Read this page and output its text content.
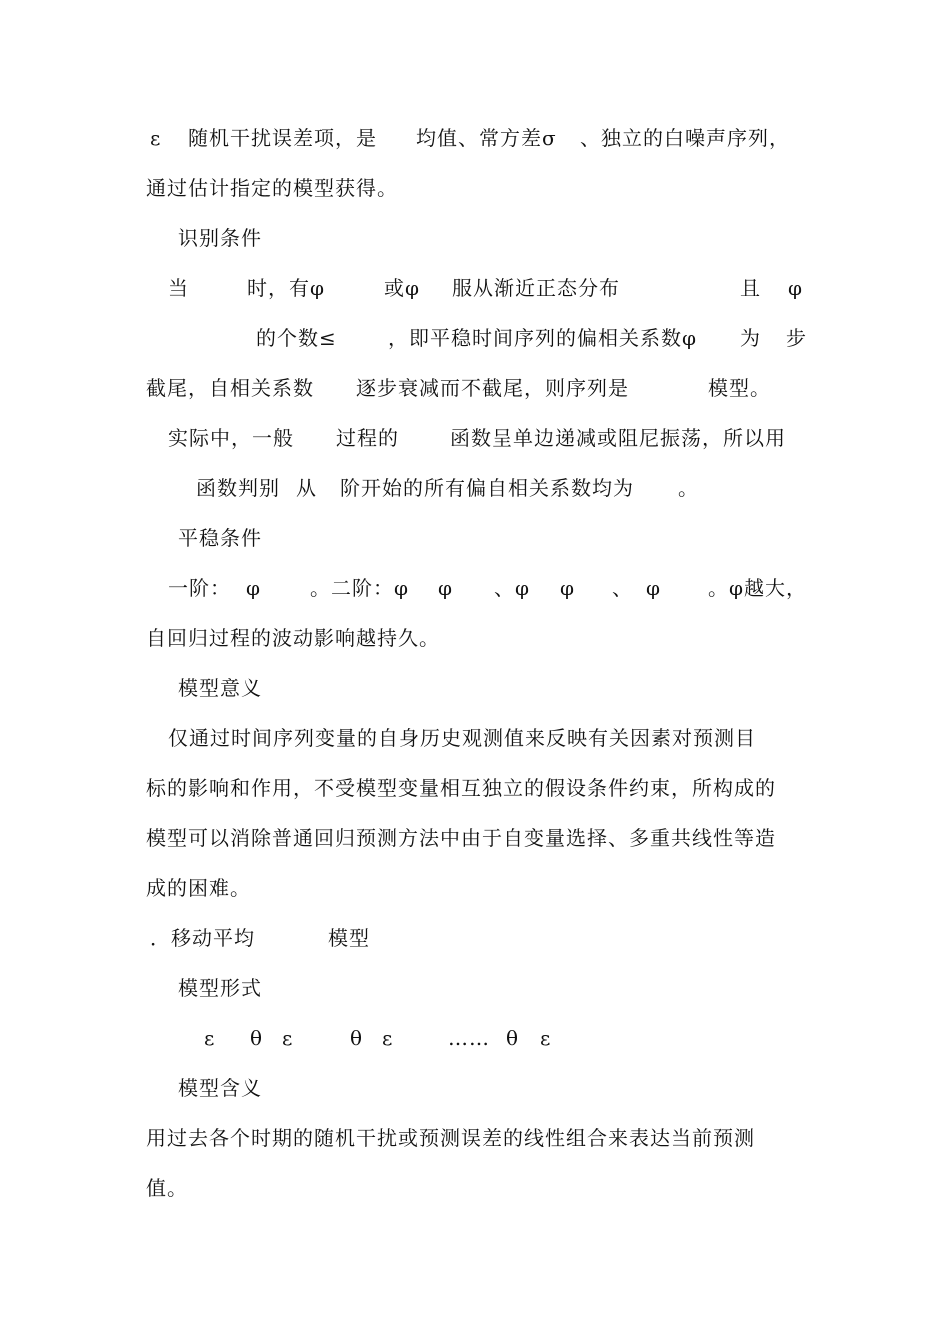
ε 随机干扰误差项，是 均值、常方差σ 、独立的白噪声序列，
通过估计指定的模型获得。
识别条件
当	时，有φ	或φ 服从渐近正态分布	且 φ
的个数≤	，即平稳时间序列的偏相关系数φ 为 步
截尾，自相关系数 逐步衰减而不截尾，则序列是	模型。
实际中，一般 过程的	函数呈单边递减或阻尼振荡，所以用
函数判别 从 阶开始的所有偏自相关系数均为 。
平稳条件
一阶： φ 。二阶：φ φ 、φ φ 、 φ 。φ越大，
自回归过程的波动影响越持久。
模型意义
仅通过时间序列变量的自身历史观测值来反映有关因素对预测目
标的影响和作用，不受模型变量相互独立的假设条件约束，所构成的
模型可以消除普通回归预测方法中由于自变量选择、多重共线性等造
成的困难。
．移动平均	模型
模型形式
ε θ ε	θ ε	…… θ ε
模型含义
用过去各个时期的随机干扰或预测误差的线性组合来表达当前预测
值。
